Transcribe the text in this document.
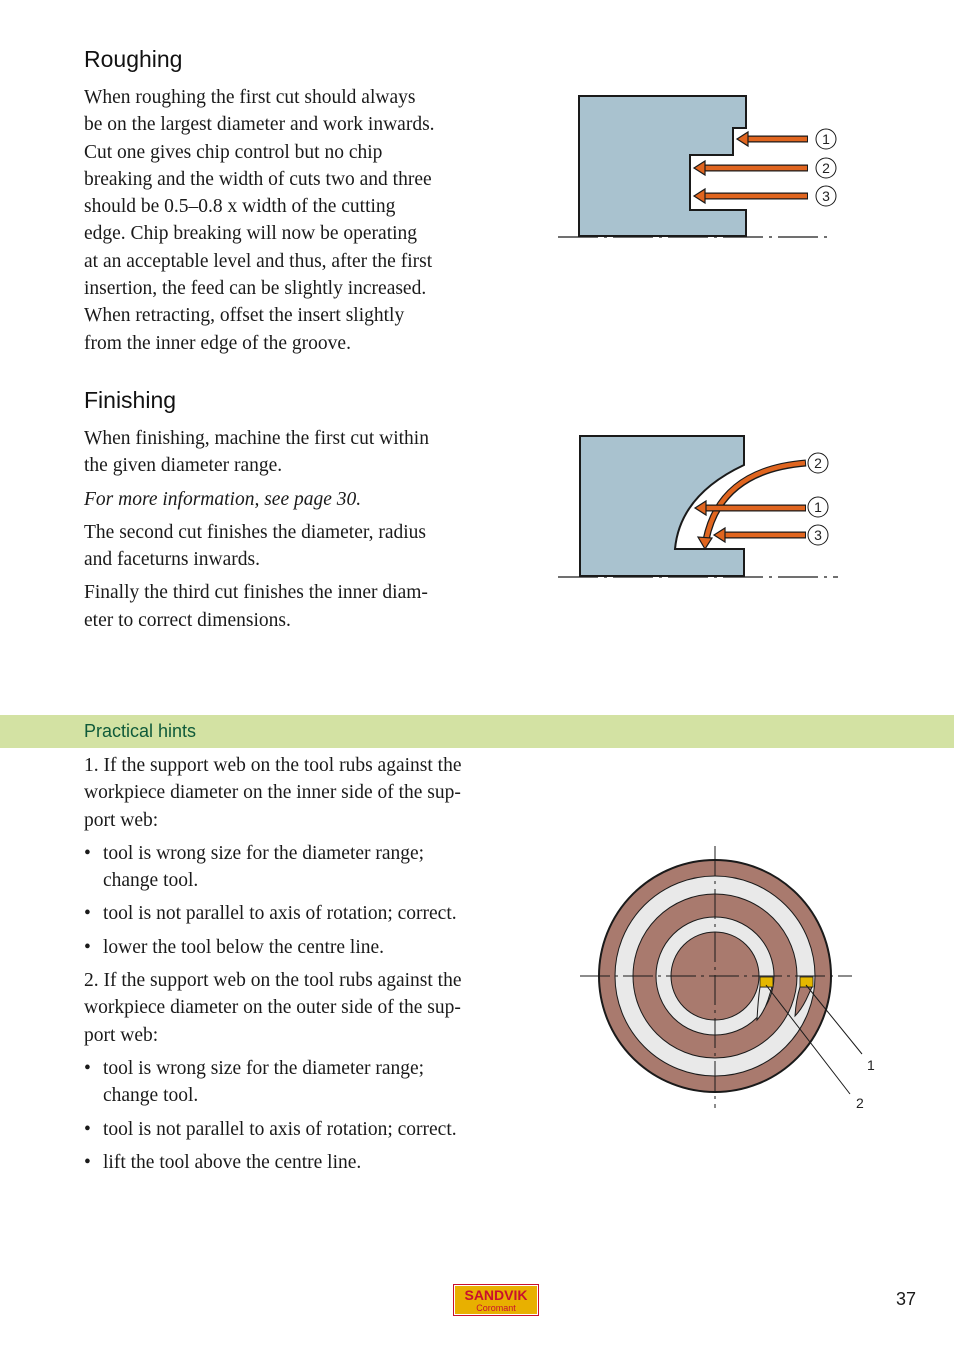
Roughing
When roughing the first cut should always
be on the largest diameter and work inwards.
Cut one gives chip control but no chip
breaking and the width of cuts two and three
should be 0.5–0.8 x width of the cutting
edge. Chip breaking will now be operating
at an acceptable level and thus, after the first
insertion, the feed can be slightly increased.
When retracting, offset the insert slightly
from the inner edge of the groove.
1
2
3
Finishing
When finishing, machine the first cut within
the given diameter range.
For more information, see page 30.
The second cut finishes the diameter, radius
and faceturns inwards.
Finally the third cut finishes the inner diam-
eter to correct dimensions.
2
1
3
Practical hints

1. If the support web on the tool rubs against the
workpiece diameter on the inner side of the sup-
port web:

• tool is wrong size for the diameter range;
change tool.
• tool is not parallel to axis of rotation; correct.
• lower the tool below the centre line.

2. If the support web on the tool rubs against the
workpiece diameter on the outer side of the sup-
port web:

• tool is wrong size for the diameter range;
change tool.
• tool is not parallel to axis of rotation; correct.
• lift the tool above the centre line.
1
2
SANDVIK
Coromant	37
